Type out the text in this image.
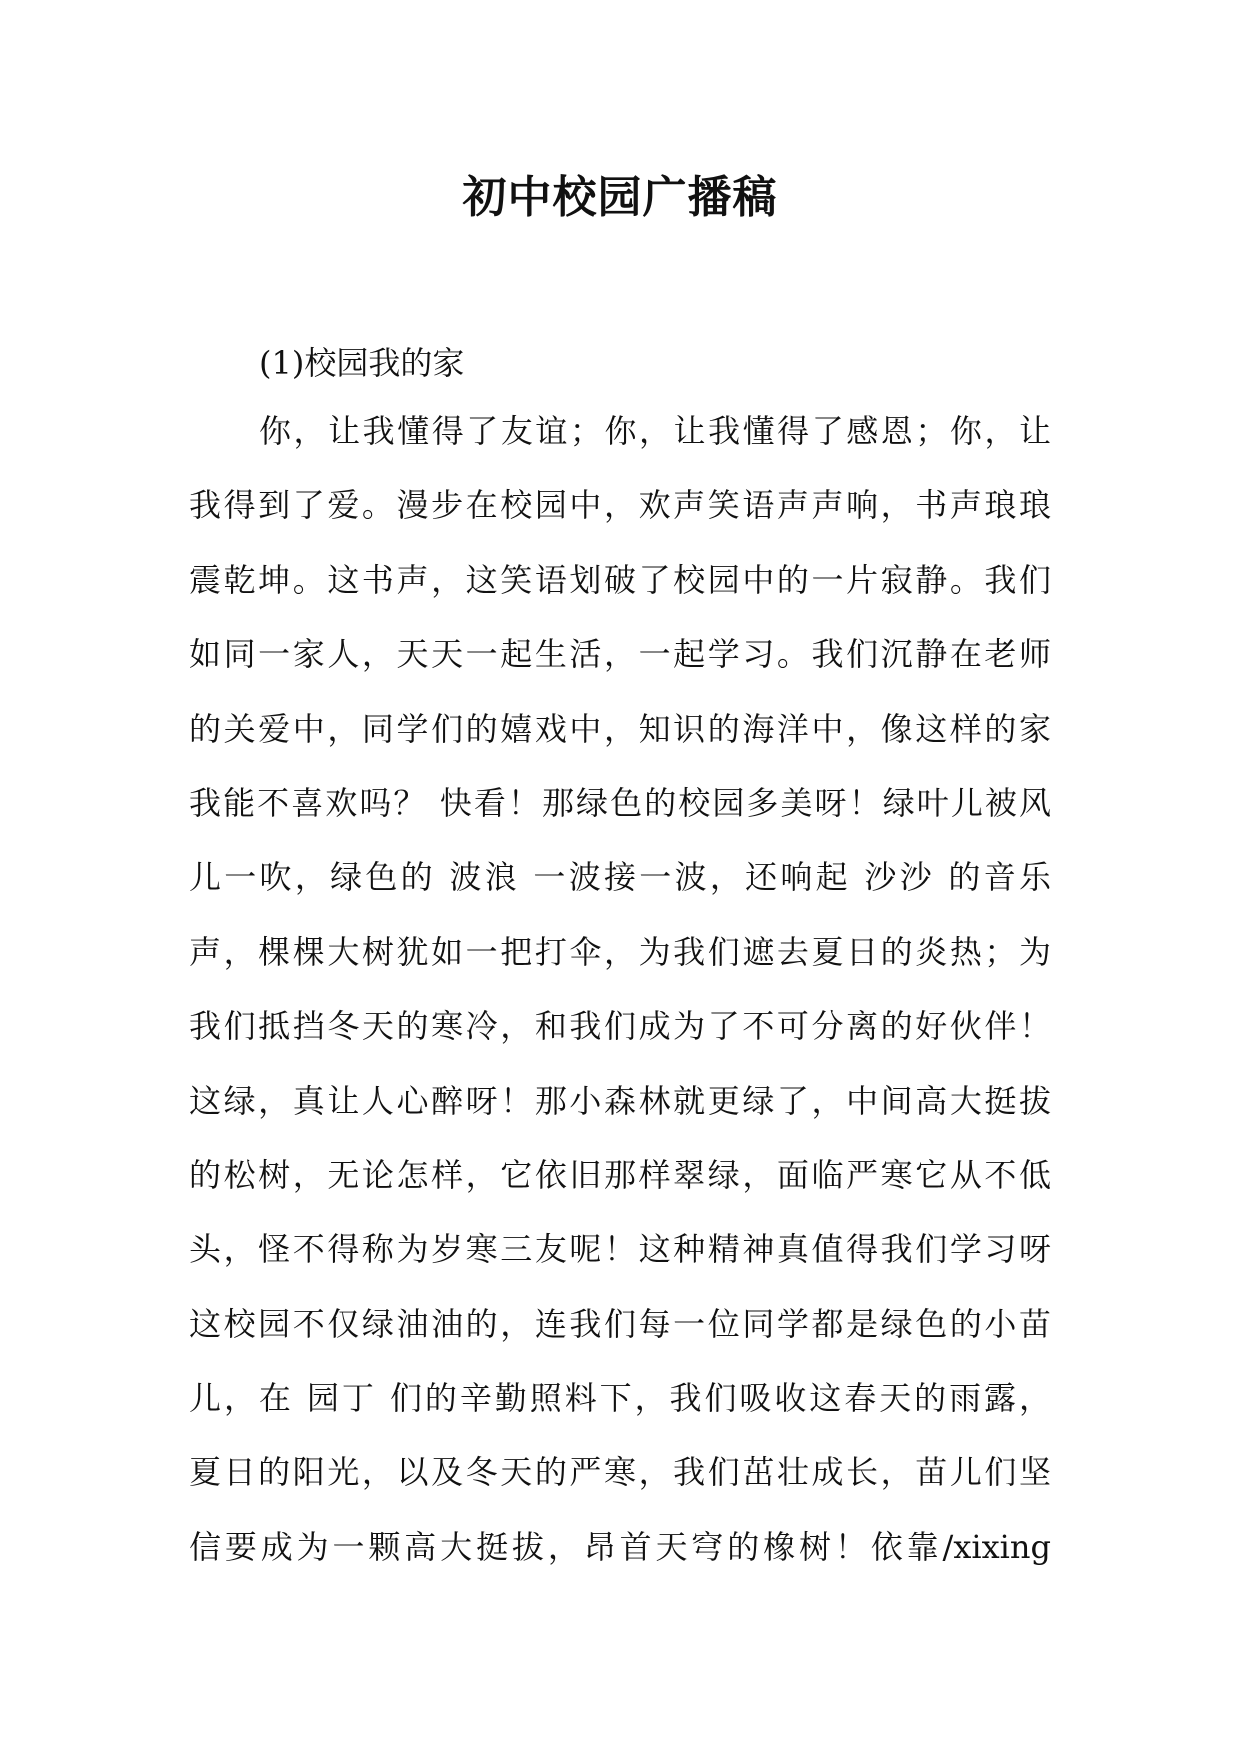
初中校园广播稿

(1)校园我的家

你，让我懂得了友谊；你，让我懂得了感恩；你，让
我得到了爱。漫步在校园中，欢声笑语声声响，书声琅琅
震乾坤。这书声，这笑语划破了校园中的一片寂静。我们
如同一家人，天天一起生活，一起学习。我们沉静在老师
的关爱中，同学们的嬉戏中，知识的海洋中，像这样的家
我能不喜欢吗？ 快看！那绿色的校园多美呀！绿叶儿被风
儿一吹，绿色的 波浪 一波接一波，还响起 沙沙 的音乐
声，棵棵大树犹如一把打伞，为我们遮去夏日的炎热；为
我们抵挡冬天的寒冷，和我们成为了不可分离的好伙伴！
这绿，真让人心醉呀！那小森林就更绿了，中间高大挺拔
的松树，无论怎样，它依旧那样翠绿，面临严寒它从不低
头，怪不得称为岁寒三友呢！这种精神真值得我们学习呀
这校园不仅绿油油的，连我们每一位同学都是绿色的小苗
儿，在 园丁 们的辛勤照料下，我们吸收这春天的雨露，
夏日的阳光，以及冬天的严寒，我们茁壮成长，苗儿们坚
信要成为一颗高大挺拔，昂首天穹的橡树！依靠/xixing
